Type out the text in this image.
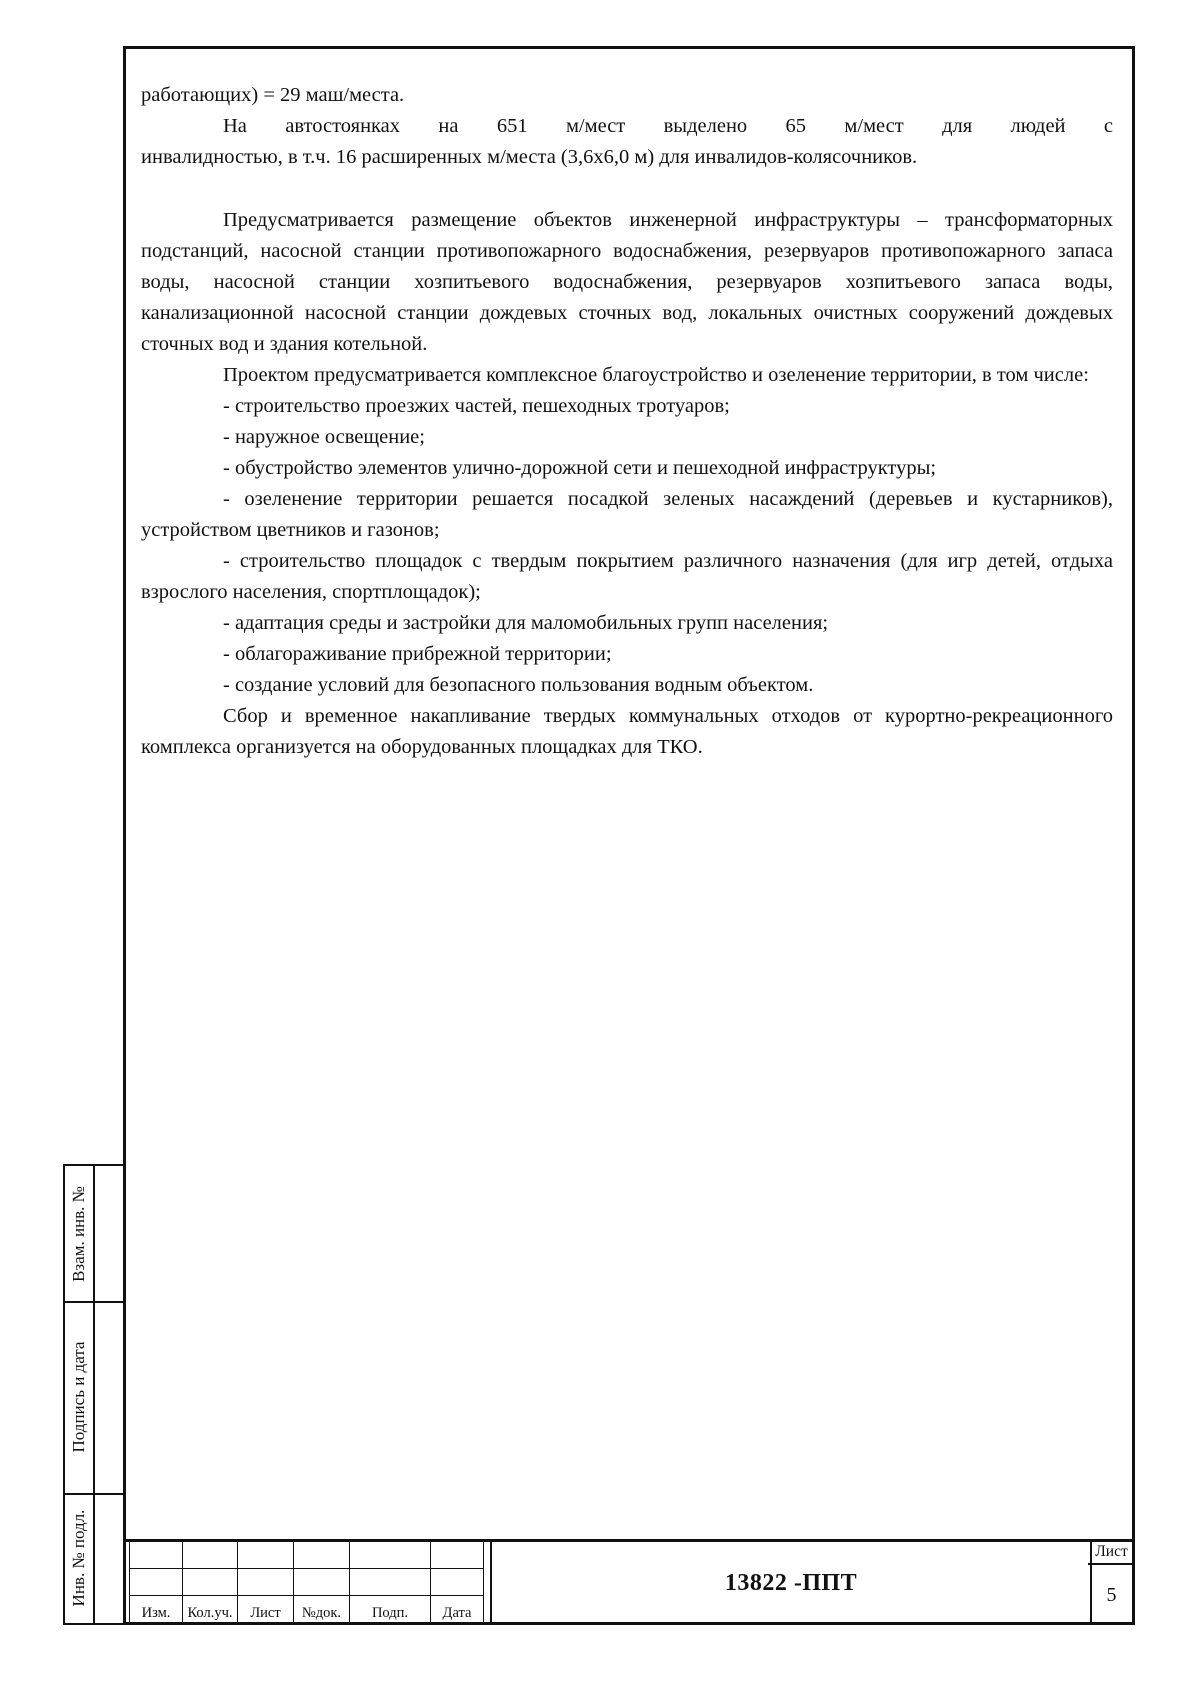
работающих) = 29 маш/места.

На автостоянках на 651 м/мест выделено 65 м/мест для людей с

инвалидностью, в т.ч. 16 расширенных м/места (3,6х6,0 м) для инвалидов-колясочников.

Предусматривается размещение объектов инженерной инфраструктуры – трансформаторных подстанций, насосной станции противопожарного водоснабжения, резервуаров противопожарного запаса воды, насосной станции хозпитьевого водоснабжения, резервуаров хозпитьевого запаса воды, канализационной насосной станции дождевых сточных вод, локальных очистных сооружений дождевых сточных вод и здания котельной.

Проектом предусматривается комплексное благоустройство и озеленение территории, в том числе:

- строительство проезжих частей, пешеходных тротуаров;

- наружное освещение;

- обустройство элементов улично-дорожной сети и пешеходной инфраструктуры;

- озеленение территории решается посадкой зеленых насаждений (деревьев и кустарников), устройством цветников и газонов;

- строительство площадок с твердым покрытием различного назначения (для игр детей, отдыха взрослого населения, спортплощадок);

- адаптация среды и застройки для маломобильных групп населения;

- облагораживание прибрежной территории;

- создание условий для безопасного пользования водным объектом.

Сбор и временное накапливание твердых коммунальных отходов от курортно-рекреационного комплекса организуется на оборудованных площадках для ТКО.

Взам. инв. №
Подпись и дата
Инв. № подл.

Изм.	Кол.уч.	Лист	№док.	Подп.	Дата
13822 -ППТ
Лист
5
